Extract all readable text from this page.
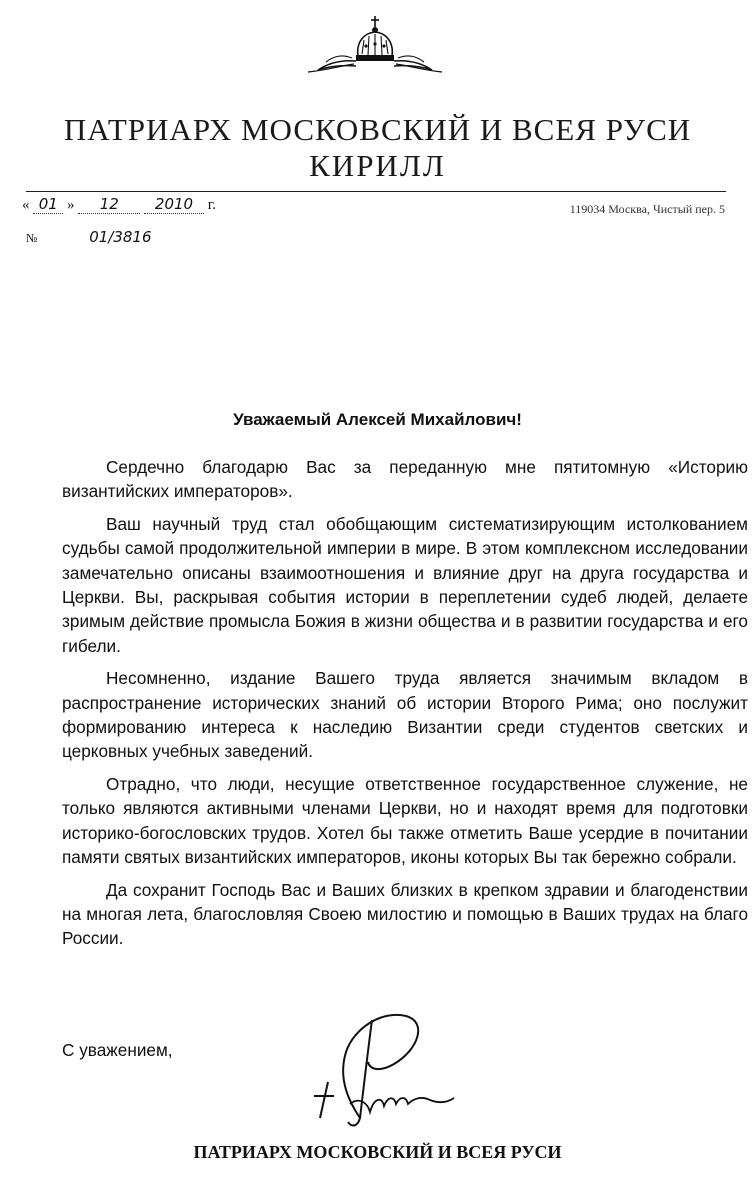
ПАТРИАРХ МОСКОВСКИЙ И ВСЕЯ РУСИ
КИРИЛЛ
« 01 » 12 2010 г.	119034 Москва, Чистый пер. 5
№	01/3816
Уважаемый Алексей Михайлович!

Сердечно благодарю Вас за переданную мне пятитомную «Историю византийских императоров».

Ваш научный труд стал обобщающим систематизирующим истолкованием судьбы самой продолжительной империи в мире. В этом комплексном исследовании замечательно описаны взаимоотношения и влияние друг на друга государства и Церкви. Вы, раскрывая события истории в переплетении судеб людей, делаете зримым действие промысла Божия в жизни общества и в развитии государства и его гибели.

Несомненно, издание Вашего труда является значимым вкладом в распространение исторических знаний об истории Второго Рима; оно послужит формированию интереса к наследию Византии среди студентов светских и церковных учебных заведений.

Отрадно, что люди, несущие ответственное государственное служение, не только являются активными членами Церкви, но и находят время для подготовки историко-богословских трудов. Хотел бы также отметить Ваше усердие в почитании памяти святых византийских императоров, иконы которых Вы так бережно собрали.

Да сохранит Господь Вас и Ваших близких в крепком здравии и благоденствии на многая лета, благословляя Своею милостию и помощью в Ваших трудах на благо России.

С уважением,
ПАТРИАРХ МОСКОВСКИЙ И ВСЕЯ РУСИ
